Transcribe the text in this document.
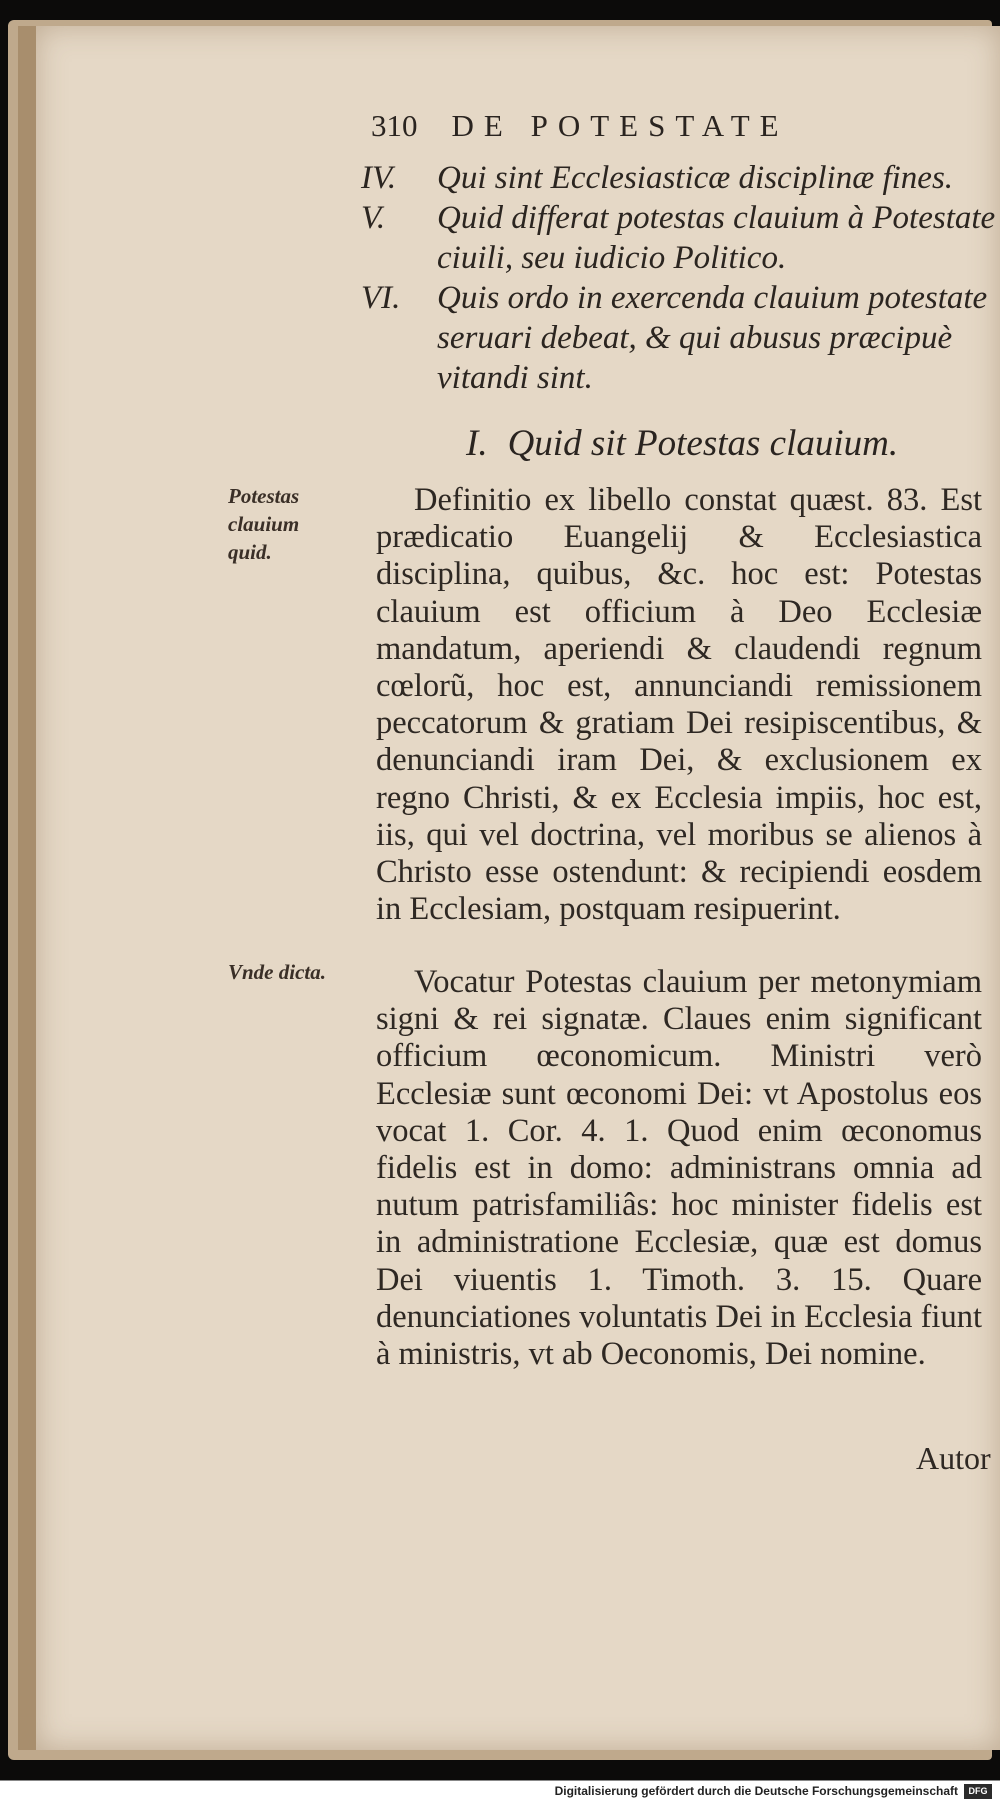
310 DE POTESTATE
IV.	Qui sint Ecclesiasticæ disciplinæ fines.
V.	Quid differat potestas clauium à Potestate ciuili, seu iudicio Politico.
VI.	Quis ordo in exercenda clauium potestate seruari debeat, & qui abusus præcipuè vitandi sint.
I. Quid sit Potestas clauium.
Potestas clauium quid.
Definitio ex libello constat quæst. 83. Est prædicatio Euangelij & Ecclesiastica disciplina, quibus, &c. hoc est: Potestas clauium est officium à Deo Ecclesiæ mandatum, aperiendi & claudendi regnum cœlorũ, hoc est, annunciandi remissionem peccatorum & gratiam Dei resipiscentibus, & denunciandi iram Dei, & exclusionem ex regno Christi, & ex Ecclesia impiis, hoc est, iis, qui vel doctrina, vel moribus se alienos à Christo esse ostendunt: & recipiendi eosdem in Ecclesiam, postquam resipuerint.
Vnde dicta.	Vocatur Potestas clauium per metonymiam signi & rei signatæ. Claues enim significant officium œconomicum. Ministri verò Ecclesiæ sunt œconomi Dei: vt Apostolus eos vocat 1. Cor. 4. 1. Quod enim œconomus fidelis est in domo: administrans omnia ad nutum patrisfamiliâs: hoc minister fidelis est in administratione Ecclesiæ, quæ est domus Dei viuentis 1. Timoth. 3. 15. Quare denunciationes voluntatis Dei in Ecclesia fiunt à ministris, vt ab Oeconomis, Dei nomine.
Autor
Digitalisierung gefördert durch die Deutsche Forschungsgemeinschaft	DFG
